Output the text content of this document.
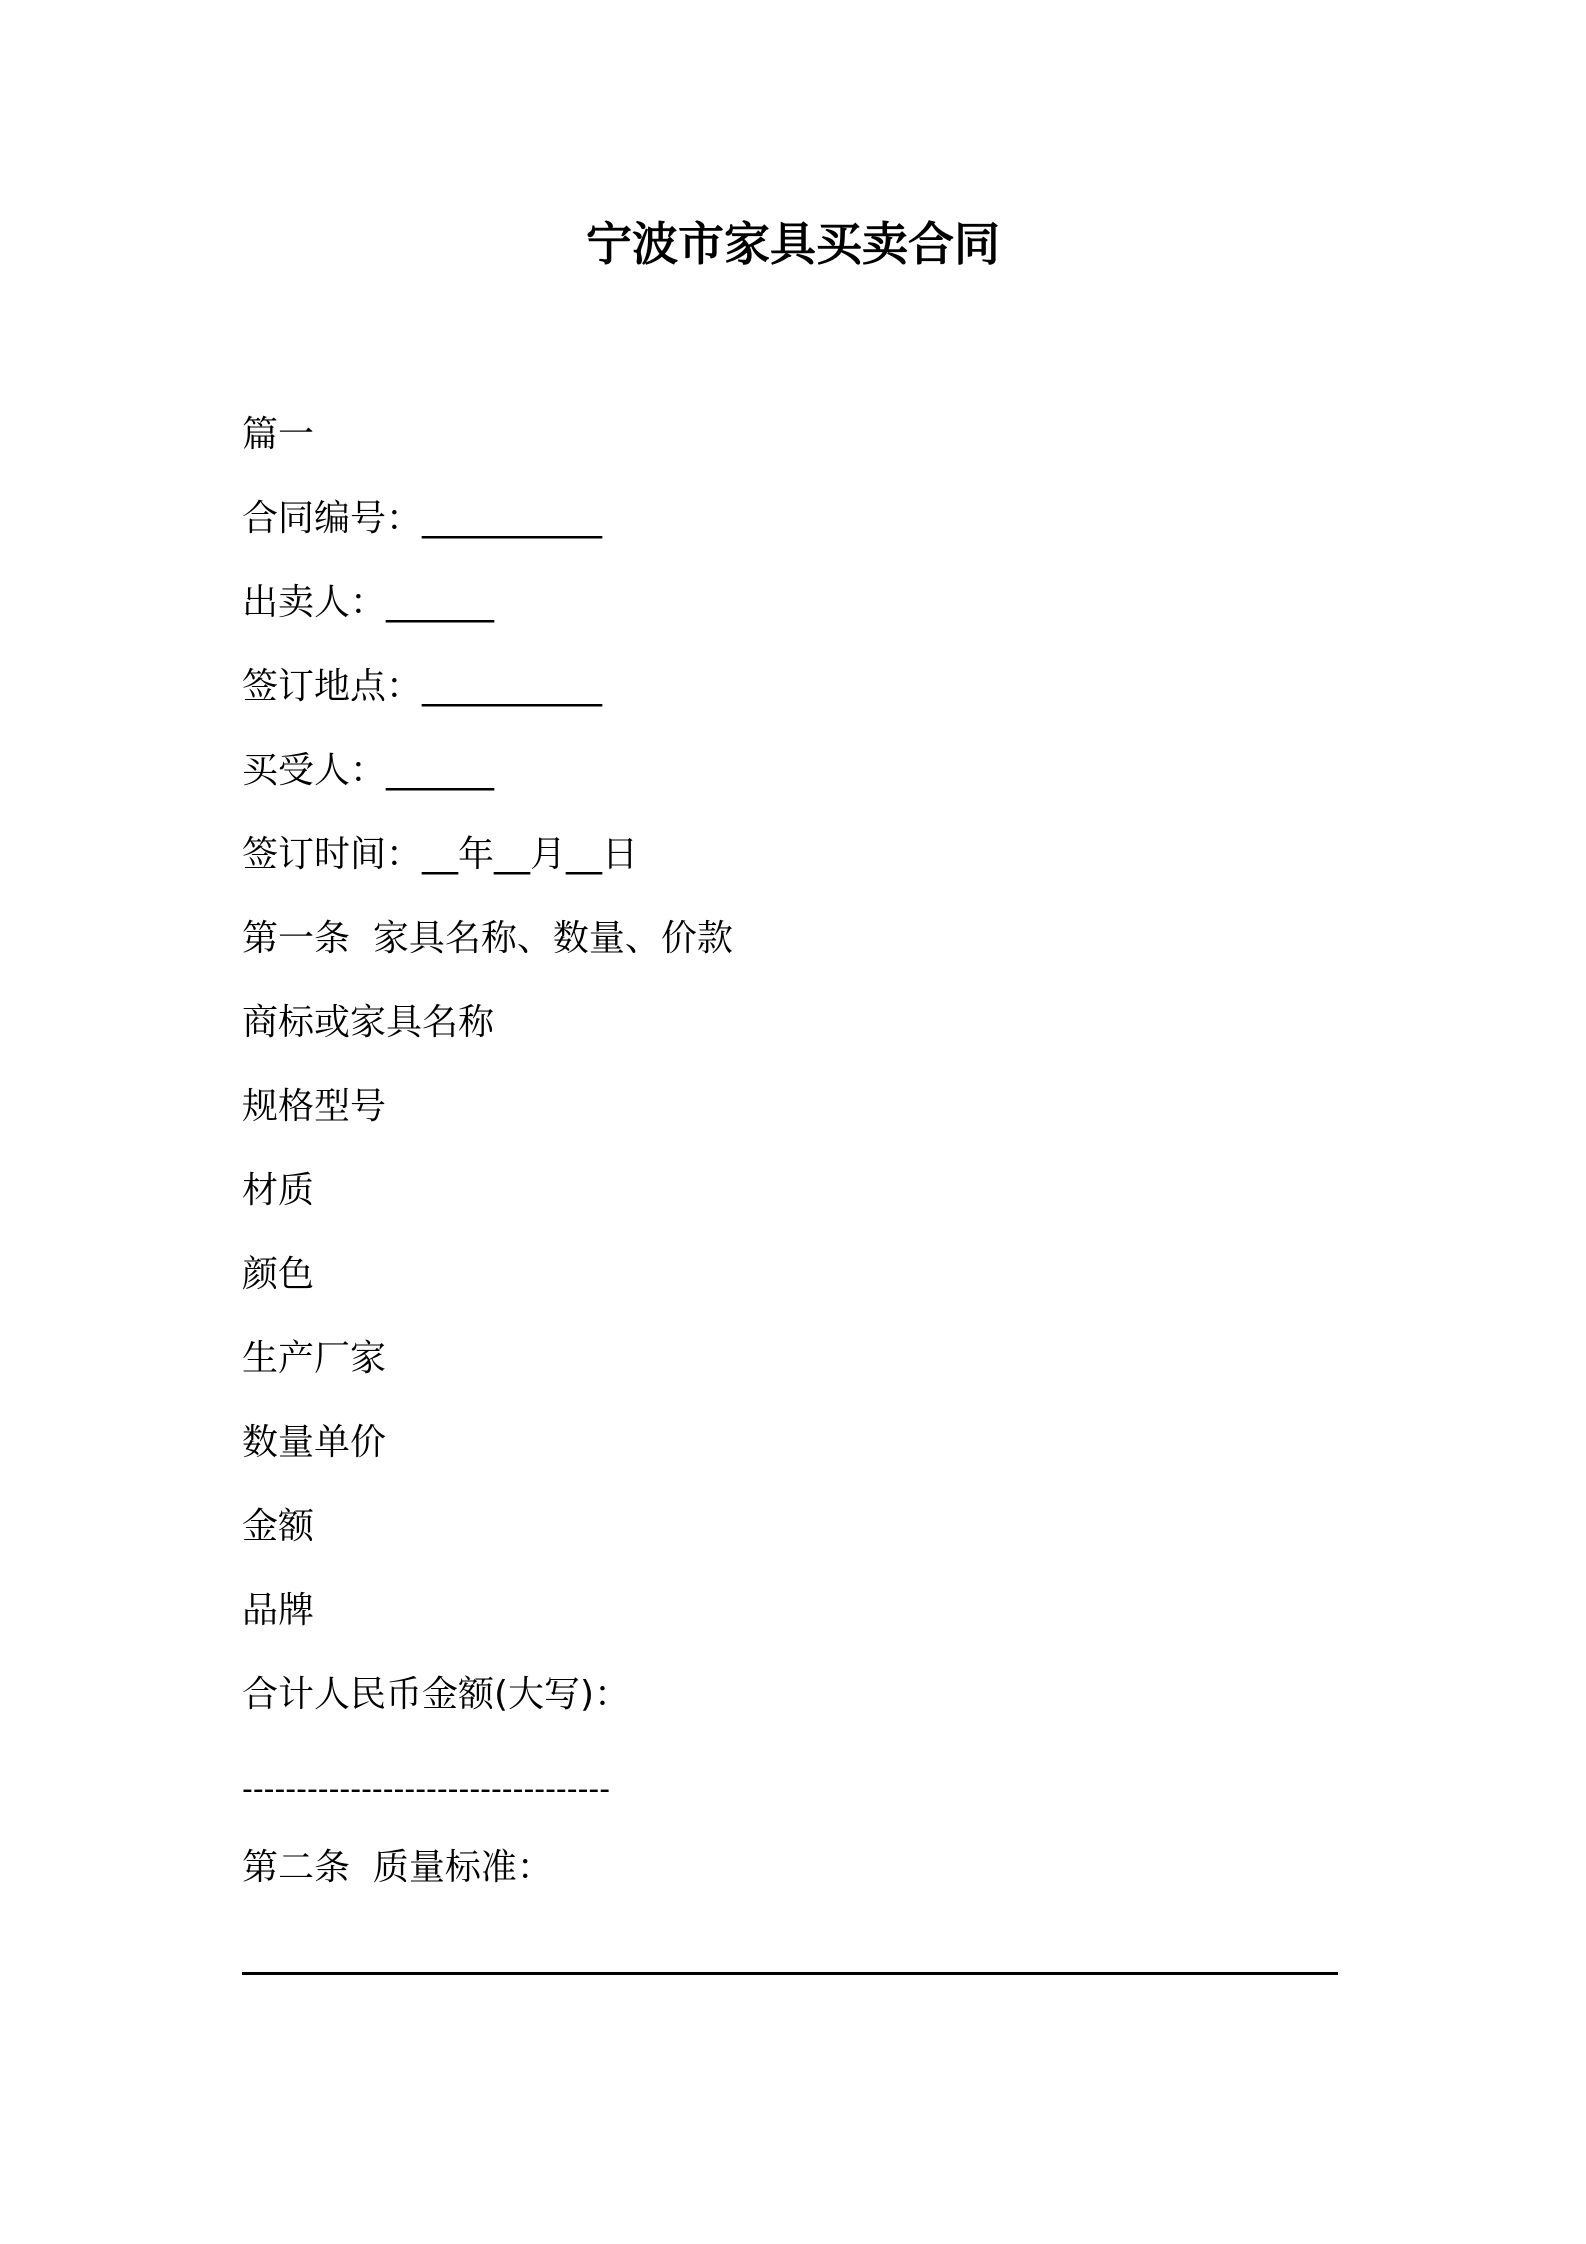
宁波市家具买卖合同
篇一
合同编号：__________
出卖人：______
签订地点：__________
买受人：______
签订时间：__年__月__日
第一条  家具名称、数量、价款
商标或家具名称
规格型号
材质
颜色
生产厂家
数量单价
金额
品牌
合计人民币金额(大写)：
----------------------------------
第二条  质量标准：
